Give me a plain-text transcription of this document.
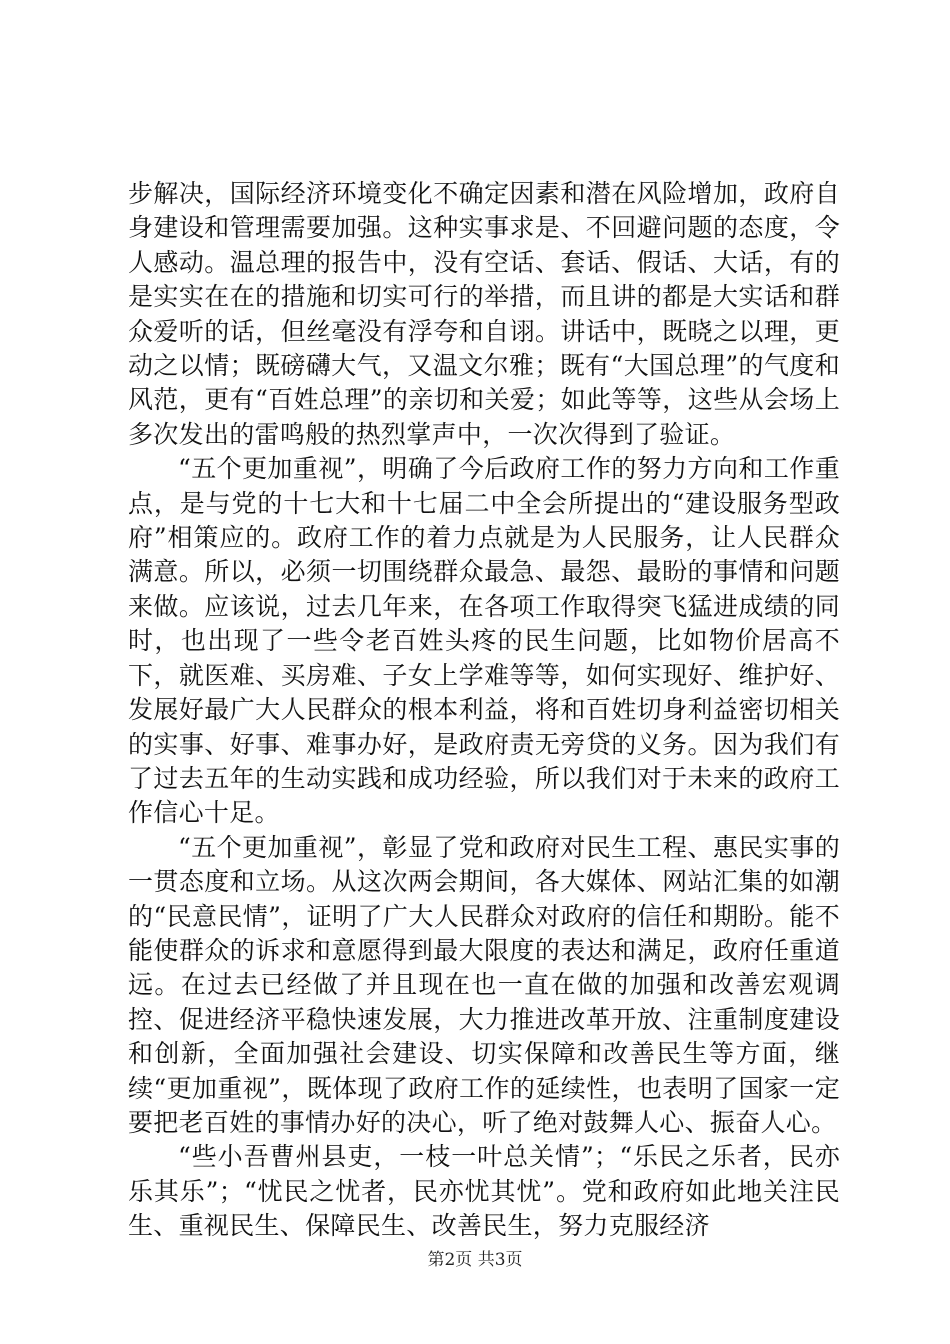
步解决，国际经济环境变化不确定因素和潜在风险增加，政府自身建设和管理需要加强。这种实事求是、不回避问题的态度，令人感动。温总理的报告中，没有空话、套话、假话、大话，有的是实实在在的措施和切实可行的举措，而且讲的都是大实话和群众爱听的话，但丝毫没有浮夸和自诩。讲话中，既晓之以理，更动之以情；既磅礴大气，又温文尔雅；既有“大国总理”的气度和风范，更有“百姓总理”的亲切和关爱；如此等等，这些从会场上多次发出的雷鸣般的热烈掌声中，一次次得到了验证。

“五个更加重视”，明确了今后政府工作的努力方向和工作重点，是与党的十七大和十七届二中全会所提出的“建设服务型政府”相策应的。政府工作的着力点就是为人民服务，让人民群众满意。所以，必须一切围绕群众最急、最怨、最盼的事情和问题来做。应该说，过去几年来，在各项工作取得突飞猛进成绩的同时，也出现了一些令老百姓头疼的民生问题，比如物价居高不下，就医难、买房难、子女上学难等等，如何实现好、维护好、发展好最广大人民群众的根本利益，将和百姓切身利益密切相关的实事、好事、难事办好，是政府责无旁贷的义务。因为我们有了过去五年的生动实践和成功经验，所以我们对于未来的政府工作信心十足。

“五个更加重视”，彰显了党和政府对民生工程、惠民实事的一贯态度和立场。从这次两会期间，各大媒体、网站汇集的如潮的“民意民情”，证明了广大人民群众对政府的信任和期盼。能不能使群众的诉求和意愿得到最大限度的表达和满足，政府任重道远。在过去已经做了并且现在也一直在做的加强和改善宏观调控、促进经济平稳快速发展，大力推进改革开放、注重制度建设和创新，全面加强社会建设、切实保障和改善民生等方面，继续“更加重视”，既体现了政府工作的延续性，也表明了国家一定要把老百姓的事情办好的决心，听了绝对鼓舞人心、振奋人心。

“些小吾曹州县吏，一枝一叶总关情”；“乐民之乐者，民亦乐其乐”；“忧民之忧者，民亦忧其忧”。党和政府如此地关注民生、重视民生、保障民生、改善民生，努力克服经济

第2页 共3页
